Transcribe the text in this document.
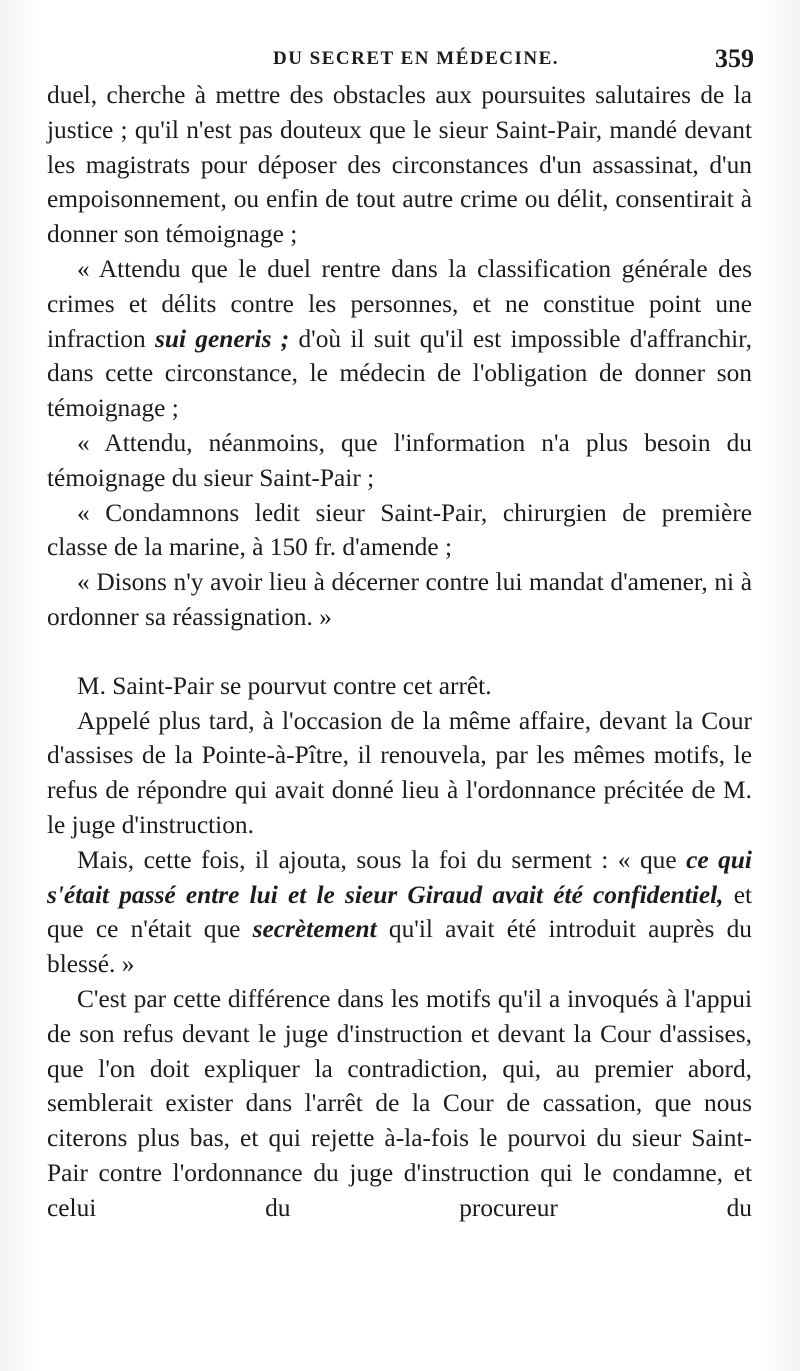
DU SECRET EN MÉDECINE.	359

duel, cherche à mettre des obstacles aux poursuites salutaires de la justice ; qu'il n'est pas douteux que le sieur Saint-Pair, mandé devant les magistrats pour déposer des circonstances d'un assassinat, d'un empoisonnement, ou enfin de tout autre crime ou délit, consentirait à donner son témoignage ;

« Attendu que le duel rentre dans la classification générale des crimes et délits contre les personnes, et ne constitue point une infraction sui generis ; d'où il suit qu'il est impossible d'affranchir, dans cette circonstance, le médecin de l'obligation de donner son témoignage ;

« Attendu, néanmoins, que l'information n'a plus besoin du témoignage du sieur Saint-Pair ;

« Condamnons ledit sieur Saint-Pair, chirurgien de première classe de la marine, à 150 fr. d'amende ;

« Disons n'y avoir lieu à décerner contre lui mandat d'amener, ni à ordonner sa réassignation. »

M. Saint-Pair se pourvut contre cet arrêt.

Appelé plus tard, à l'occasion de la même affaire, devant la Cour d'assises de la Pointe-à-Pître, il renouvela, par les mêmes motifs, le refus de répondre qui avait donné lieu à l'ordonnance précitée de M. le juge d'instruction.

Mais, cette fois, il ajouta, sous la foi du serment : « que ce qui s'était passé entre lui et le sieur Giraud avait été confidentiel, et que ce n'était que secrètement qu'il avait été introduit auprès du blessé. »

C'est par cette différence dans les motifs qu'il a invoqués à l'appui de son refus devant le juge d'instruction et devant la Cour d'assises, que l'on doit expliquer la contradiction, qui, au premier abord, semblerait exister dans l'arrêt de la Cour de cassation, que nous citerons plus bas, et qui rejette à-la-fois le pourvoi du sieur Saint-Pair contre l'ordonnance du juge d'instruction qui le condamne, et celui du procureur du
